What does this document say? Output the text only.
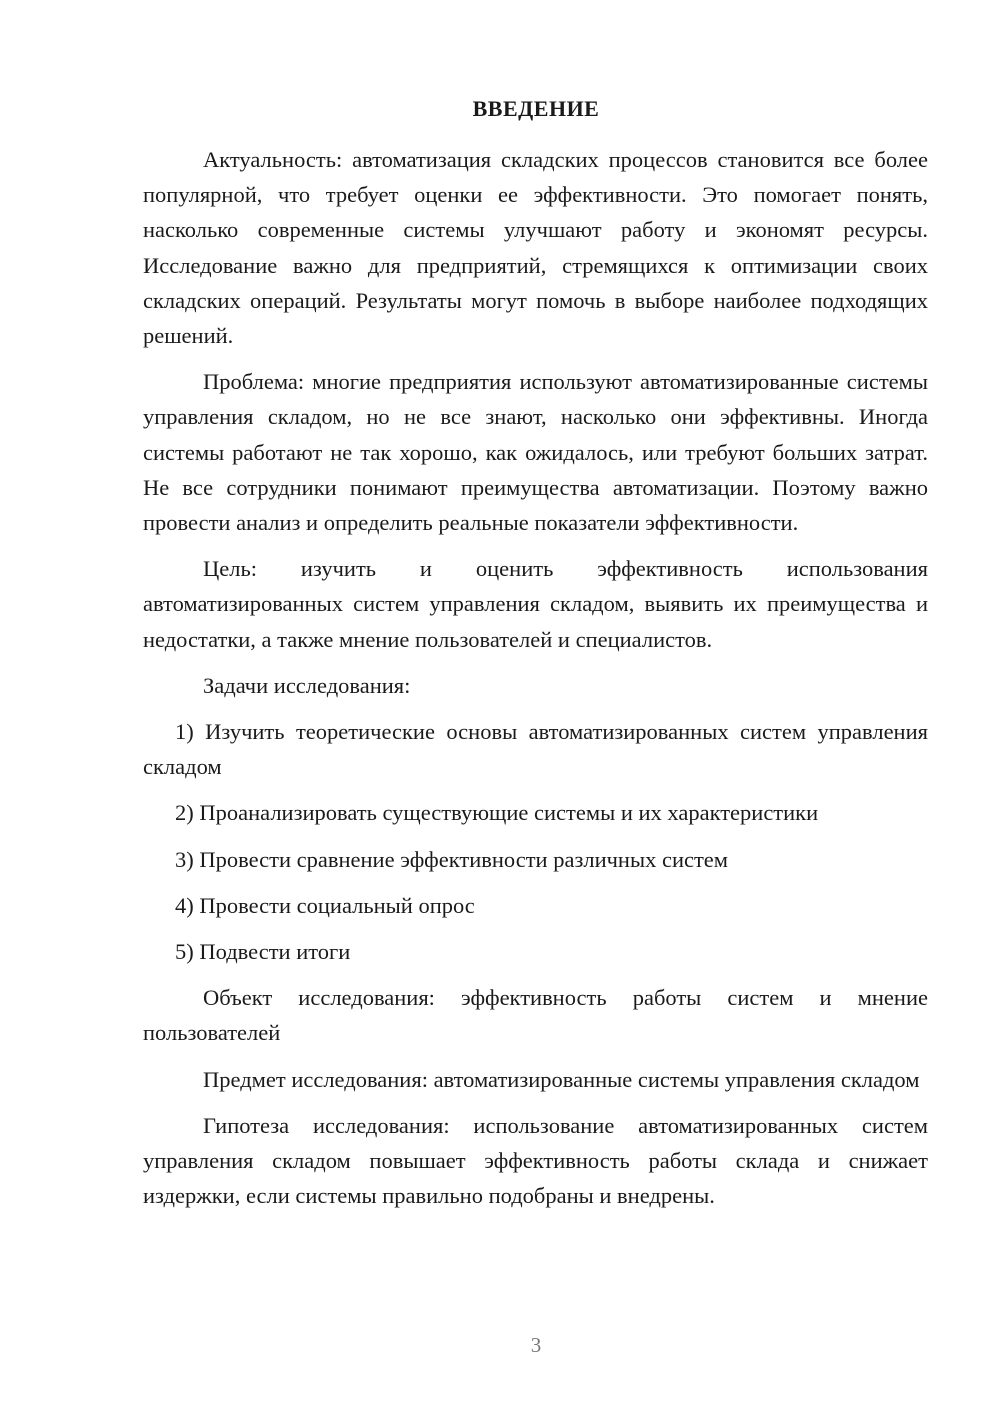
ВВЕДЕНИЕ

Актуальность: автоматизация складских процессов становится все более популярной, что требует оценки ее эффективности. Это помогает понять, насколько современные системы улучшают работу и экономят ресурсы. Исследование важно для предприятий, стремящихся к оптимизации своих складских операций. Результаты могут помочь в выборе наиболее подходящих решений.

Проблема: многие предприятия используют автоматизированные системы управления складом, но не все знают, насколько они эффективны. Иногда системы работают не так хорошо, как ожидалось, или требуют больших затрат. Не все сотрудники понимают преимущества автоматизации. Поэтому важно провести анализ и определить реальные показатели эффективности.

Цель: изучить и оценить эффективность использования автоматизированных систем управления складом, выявить их преимущества и недостатки, а также мнение пользователей и специалистов.

Задачи исследования:

1) Изучить теоретические основы автоматизированных систем управления складом

2) Проанализировать существующие системы и их характеристики

3) Провести сравнение эффективности различных систем

4) Провести социальный опрос

5) Подвести итоги

Объект исследования: эффективность работы систем и мнение пользователей

Предмет исследования: автоматизированные системы управления складом

Гипотеза исследования: использование автоматизированных систем управления складом повышает эффективность работы склада и снижает издержки, если системы правильно подобраны и внедрены.

3
